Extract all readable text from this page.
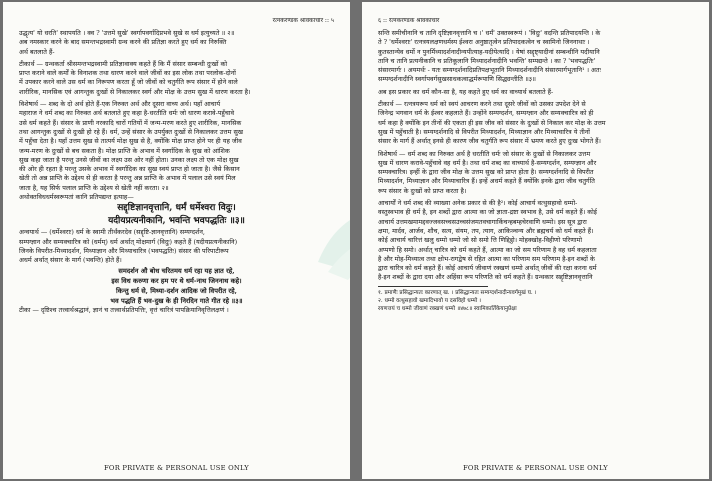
रत्नकरण्डक श्रावकाचार :: ५
उद्धृत्य' यो धरति' स्थापयति । क्व ? 'उत्तमे सुखे' स्वर्गापवर्गादिप्रभवे सुखे स धर्म इत्युच्यते ॥ २॥
अब नमस्कार करने के बाद समन्तभद्रस्वामी ग्रन्थ करने की प्रतिज्ञा करते हुए धर्म का निरुक्ति
अर्थ बतलाते हैं-
टीकार्थ — ग्रन्थकर्ता श्रीसमन्तभद्रस्वामी प्रतिज्ञावाक्य कहते हैं कि मैं संसार सम्बन्धी दुःखों को
प्राप्त कराने वाले कर्मों के विनाशक तथा धारण करने वाले जीवों का इस लोक तथा परलोक-दोनों
में उपकार करने वाले उस धर्म का निरूपण करता हूँ जो जीवों को चतुर्गति रूप संसार में होने वाले
शारीरिक, मानसिक एवं आगन्तुक दुःखों से निकालकर स्वर्ग और मोक्ष के उत्तम सुख में धारण करता है।
विशेषार्थ — शब्द के दो अर्थ होते हैं-एक निरुक्त अर्थ और दूसरा वाच्य अर्थ। यहाँ आचार्य
महाराज ने धर्म शब्द का निरुक्त अर्थ बतलाते हुए कहा है-धरतीति धर्मः जो धारण करावे-पहुँचावे
उसे धर्म कहते हैं। संसार के प्राणी नरकादि चारों गतियों में जन्म-मरण करते हुए शारीरिक, मानसिक
तथा आगन्तुक दुःखों से दुःखी हो रहे हैं। धर्म, उन्हें संसार के उपर्युक्त दुःखों से निकालकर उत्तम सुख
में पहुँचा देता है। यहाँ उत्तम सुख से तात्पर्य मोक्ष सुख से है, क्योंकि मोक्ष प्राप्त होने पर ही यह जीव
जन्म-मरण के दुःखों से बच सकता है। मोक्ष प्राप्ति के अभाव में स्वर्गादिक के सुख को आंशिक
सुख कहा जाता है परन्तु उनसे जीवों का लक्ष्य उस ओर नहीं होता। उनका लक्ष्य तो एक मोक्ष सुख
की ओर ही रहता है परन्तु उसके अभाव में स्वर्गादिक का सुख स्वयं प्राप्त हो जाता है। जैसे किसान
खेती तो अन्न प्राप्ति के उद्देश्य से ही करता है परन्तु अन्न प्राप्ति के अभाव में पलाल उसे स्वयं मिल
जाता है, यह सिर्फ पलाल प्राप्ति के उद्देश्य से खेती नहीं करता। २॥
अथोक्तविधधर्मस्वरूपतां कानि प्रतिपद्यन्त इत्याह—
सद्दृष्टिज्ञानवृत्तानि, धर्मं धर्मेश्वरा विदुः।
यदीयप्रत्यनीकानि, भवन्ति भवपद्धतिः ॥३॥
अन्वयार्थ — (धर्मेश्वराः) धर्म के स्वामी तीर्थंकरदेव (सद्दृष्टि-ज्ञानवृत्तानि) सम्यग्दर्शन,
सम्यग्ज्ञान और सम्यक्चारित्र को (धर्मम्) धर्म अर्थात् मोक्षमार्ग (विदुः) कहते हैं (यदीयप्रत्यनीकानि)
जिनके विपरीत-मिथ्यादर्शन, मिथ्याज्ञान और मिथ्याचारित्र (भवपद्धतिः) संसार की परिपाटीरूप
अधर्म अर्थात् संसार के मार्ग (भवन्ति) होते हैं।
समदर्शन औ बोध चरितमय धर्म रहा यह ज्ञात रहे,
इस विध करुणा कर हम पर थे धर्म-नाथ जिननाथ कहे।
किन्तु धर्म से, मिथ्या-दर्शन आदिक जो विपरीत रहे,
भव पद्धति हैं भव-दुख के ही निरदिन गाते गीत रहे ॥३॥
टीका — दृष्टिश्च तत्त्वार्थश्रद्धानं, ज्ञानं च तत्त्वार्थप्रतिपत्तिः, वृत्तं चारित्रं पापक्रियानिवृत्तिलक्षणं ।
FOR PRIVATE & PERSONAL USE ONLY
६ :: रत्नकरण्डक श्रावकाचार
सन्ति समीचीनानि च तानि दृष्टिज्ञानवृत्तानि च ।' धर्मं' उक्तस्वरूपं । 'विदुः' वदन्ति प्रतिपादयन्ति । के
ते ? 'धर्मेश्वराः' रत्नत्रयलक्षणधर्मस्य ईश्वरा अनुष्ठातृत्वेन प्रतिपादकत्वेन च स्वामिनो जिननाथाः ।
कुतस्तान्येव धर्मो न पुनर्मिथ्यादर्शनादीन्यपीत्याह-यदीयेत्यादि । येषां सद्दृष्ट्यादीनां सम्बन्धीनि यदीयानि
तानि च तानि प्रत्यनीकानि च प्रतिकूलानि मिथ्यादर्शनादीनि भवन्ति' सम्पद्यन्ते । का ? 'भवपद्धतिः'
संसारमार्गः । अयमर्थः - यतः सम्यग्दर्शनादिप्रतिपक्षभूतानि मिथ्यादर्शनादीनि संसारमार्गभूतानि¹ । अतः
सम्यग्दर्शनादीनि स्वर्गापवर्गसुखसाधकत्वाद्धर्मरूपाणि सिद्ध्यन्तीति ॥३॥
अब इस प्रकार का धर्म कौन-सा है, यह कहते हुए धर्म का वाच्यार्थ बतलाते हैं-
टीकार्थ — रत्नत्रयरूप धर्म को स्वयं आचरण करने तथा दूसरे जीवों को उसका उपदेश देने से
जिनेन्द्र भगवान धर्म के ईश्वर कहलाते हैं। उन्होंने सम्यग्दर्शन, सम्यग्ज्ञान और सम्यक्चारित्र को ही
धर्म कहा है क्योंकि इन तीनों की एकता ही इस जीव को संसार के दुःखों से निकाल कर मोक्ष के उत्तम
सुख में पहुँचाती है। सम्यग्दर्शनादि से विपरीत मिथ्यादर्शन, मिथ्याज्ञान और मिथ्याचारित्र ये तीनों
संसार के मार्ग हैं अर्थात् इनसे ही कारण जीव चतुर्गति रूप संसार में भ्रमण करते हुए दुःख भोगते हैं।
विशेषार्थ — धर्म शब्द का निरुक्त अर्थ है धरतीति धर्मः जो संसार के दुःखों से निकालकर उत्तम
सुख में धारण करावे-पहुँचावे वह धर्म है। तथा धर्म शब्द का वाच्यार्थ है-सम्यग्दर्शन, सम्यग्ज्ञान और
सम्यक्चारित्र। इन्हीं के द्वारा जीव मोक्ष के उत्तम सुख को प्राप्त होता है। सम्यग्दर्शनादि से विपरीत
मिथ्यादर्शन, मिथ्याज्ञान और मिथ्याचारित्र हैं। इन्हें अधर्म कहते हैं क्योंकि इनके द्वारा जीव चतुर्गति
रूप संसार के दुःखों को प्राप्त करता है।
आचार्यों ने धर्म शब्द की व्याख्या अनेक प्रकार से की है²। कोई आचार्य वत्थुसहावो धम्मो-
वस्तुस्वभाव ही धर्म है, इन शब्दों द्वारा आत्मा का जो ज्ञाता-द्रष्टा स्वभाव है, उसे धर्म कहते हैं। कोई
आचार्य उत्तमखमामद्दवज्जवसच्चसउच्चसंजमतवचागाकिंचन्हबम्हचेरवाणि धम्मो। इस सूत्र द्वारा
क्षमा, मार्दव, आर्जव, शौच, सत्य, संयम, तप, त्याग, आकिञ्चन्य और ब्रह्मचर्य को धर्म कहते हैं।
कोई आचार्य चारित्तं खलु धम्मो धम्मो जो सो समो त्ति णिद्दिट्ठो। मोहक्खोह-विहीणो परिणामो
अप्पणो हि समो। अर्थात् चारित्र को धर्म कहते हैं, आत्मा का जो सम परिणाम है वह धर्म कहलाता
है और मोह-मिथ्यात्व तथा क्षोभ-रागद्वेष से रहित आत्मा का परिणाम सम परिणाम है-इन शब्दों के
द्वारा चारित्र को धर्म कहते हैं। कोई आचार्य जीवाणं रक्खणं धम्मो अर्थात् जीवों की रक्षा करना धर्म
है-इन शब्दों के द्वारा दया और अहिंसा रूप परिणति को धर्म कहते हैं। ग्रन्थकार सद्दृष्टिज्ञानवृत्तानि
१. प्रमाणैः प्रसिद्धान्यतः कारणात् ख. । प्रसिद्धान्यतः सम्यग्दर्शनादीन्यवर्गमुखं घ. ।
२. धम्मो वत्थुसहावो खमादिभावो य दसविहो धम्मो ।
रयणत्तयं च धम्मो जीवाणं रक्खणं धम्मो ॥४७८॥ स्वामिकार्तिकेयानुप्रेक्षा
FOR PRIVATE & PERSONAL USE ONLY
